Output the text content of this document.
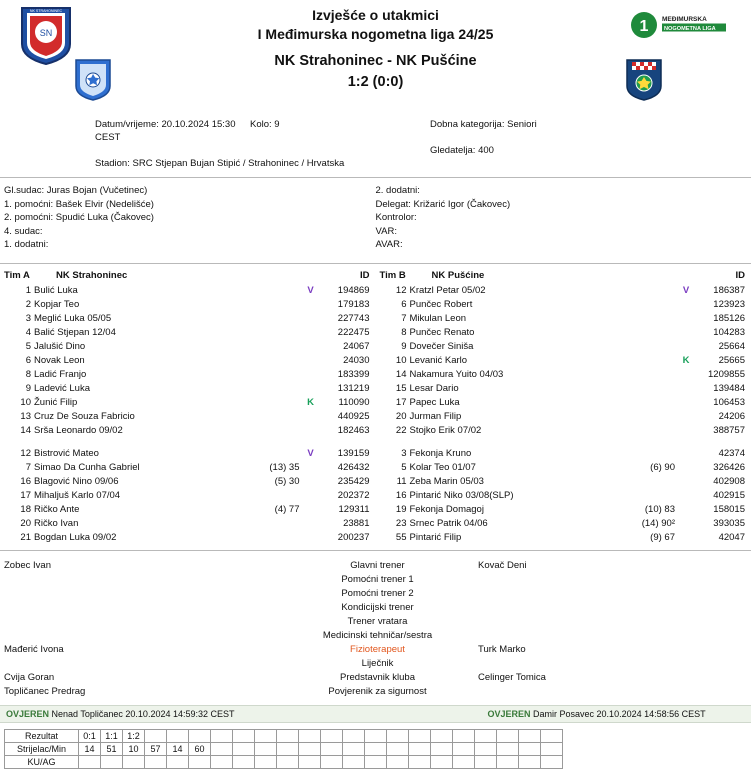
SN
NK STRAHONINEC
1 MEĐIMURSKA
NOGOMETNA LIGA
Izvješće o utakmici
I Međimurska nogometna liga 24/25
NK Strahoninec - NK Pušćine
1:2 (0:0)
Datum/vrijeme: 20.10.2024 15:30 CEST
Kolo: 9	Dobna kategorija: Seniori
Gledatelja: 400
Stadion: SRC Stjepan Bujan Stipić / Strahoninec / Hrvatska
Gl.sudac: Juras Bojan (Vučetinec)
1. pomoćni: Bašek Elvir (Nedelišće)
2. pomoćni: Spudić Luka (Čakovec)
4. sudac:
1. dodatni:
2. dodatni:
Delegat: Križarić Igor (Čakovec)
Kontrolor:
VAR:
AVAR:
Tim A	NK Strahoninec	ID
1 Bulić Luka	V	194869
2 Kopjar Teo	179183
3 Meglić Luka 05/05	227743
4 Balić Stjepan 12/04	222475
5 Jalušić Dino	24067
6 Novak Leon	24030
8 Ladić Franjo	183399
9 Ladević Luka	131219
10 Žunić Filip	K	110090
13 Cruz De Souza Fabricio	440925
14 Srša Leonardo 09/02	182463
12 Bistrović Mateo	V	139159
7 Simao Da Cunha Gabriel	(13) 35	426432
16 Blagović Nino 09/06	(5) 30	235429
17 Mihaljuš Karlo 07/04	202372
18 Ričko Ante	(4) 77	129311
20 Ričko Ivan	23881
21 Bogdan Luka 09/02	200237
Tim B	NK Pušćine	ID
12 Kratzl Petar 05/02	V	186387
6 Punčec Robert	123923
7 Mikulan Leon	185126
8 Punčec Renato	104283
9 Dovečer Siniša	25664
10 Levanić Karlo	K	25665
14 Nakamura Yuito 04/03	1209855
15 Lesar Dario	139484
17 Papec Luka	106453
20 Jurman Filip	24206
22 Stojko Erik 07/02	388757
3 Fekonja Kruno	42374
5 Kolar Teo 01/07	(6) 90	326426
11 Zeba Marin 05/03	402908
16 Pintarić Niko 03/08(SLP)	402915
19 Fekonja Domagoj	(10) 83	158015
23 Srnec Patrik 04/06	(14) 90²	393035
55 Pintarić Filip	(9) 67	42047
Zobec Ivan	Glavni trener	Kovač Deni
Pomoćni trener 1
Pomoćni trener 2
Kondicijski trener
Trener vratara
Medicinski tehničar/sestra
Mađerić Ivona	Fizioterapeut	Turk Marko
Liječnik
Cvija Goran	Predstavnik kluba	Celinger Tomica
Topličanec Predrag	Povjerenik za sigurnost
OVJEREN Nenad Topličanec 20.10.2024 14:59:32 CEST	OVJEREN Damir Posavec 20.10.2024 14:58:56 CEST
Rezultat	0:1	1:1	1:2																			
Strijelac/Min	14	51	10	57	14	60																
KU/AG																						
